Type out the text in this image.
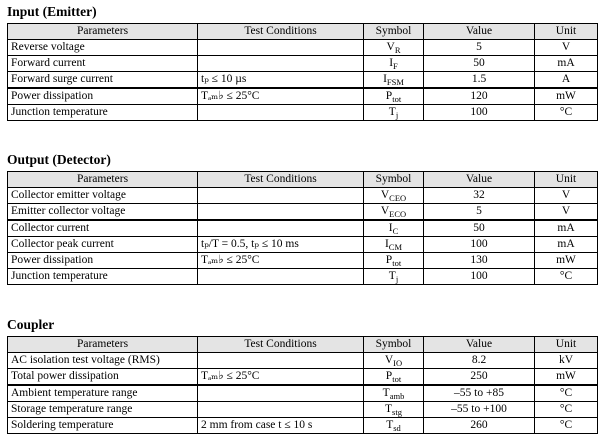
Input (Emitter)
Parameters	Test Conditions	Symbol	Value	Unit
Reverse voltage		$V_R$	5	V
Forward current		$I_F$	50	mA
Forward surge current	tₚ ≤ 10 µs	$I_{FSM}$	1.5	A
Power dissipation	Tₐₘ♭ ≤ 25°C	$P_{tot}$	120	mW
Junction temperature		$T_j$	100	°C
Output (Detector)
Parameters	Test Conditions	Symbol	Value	Unit
Collector emitter voltage		$V_{CEO}$	32	V
Emitter collector voltage		$V_{ECO}$	5	V
Collector current		$I_C$	50	mA
Collector peak current	tₚ/T = 0.5, tₚ ≤ 10 ms	$I_{CM}$	100	mA
Power dissipation	Tₐₘ♭ ≤ 25°C	$P_{tot}$	130	mW
Junction temperature		$T_j$	100	°C
Coupler
Parameters	Test Conditions	Symbol	Value	Unit
AC isolation test voltage (RMS)		$V_{IO}$	8.2	kV
Total power dissipation	Tₐₘ♭ ≤ 25°C	$P_{tot}$	250	mW
Ambient temperature range		$T_{amb}$	–55 to +85	°C
Storage temperature range		$T_{stg}$	–55 to +100	°C
Soldering temperature	2 mm from case t ≤ 10 s	$T_{sd}$	260	°C
